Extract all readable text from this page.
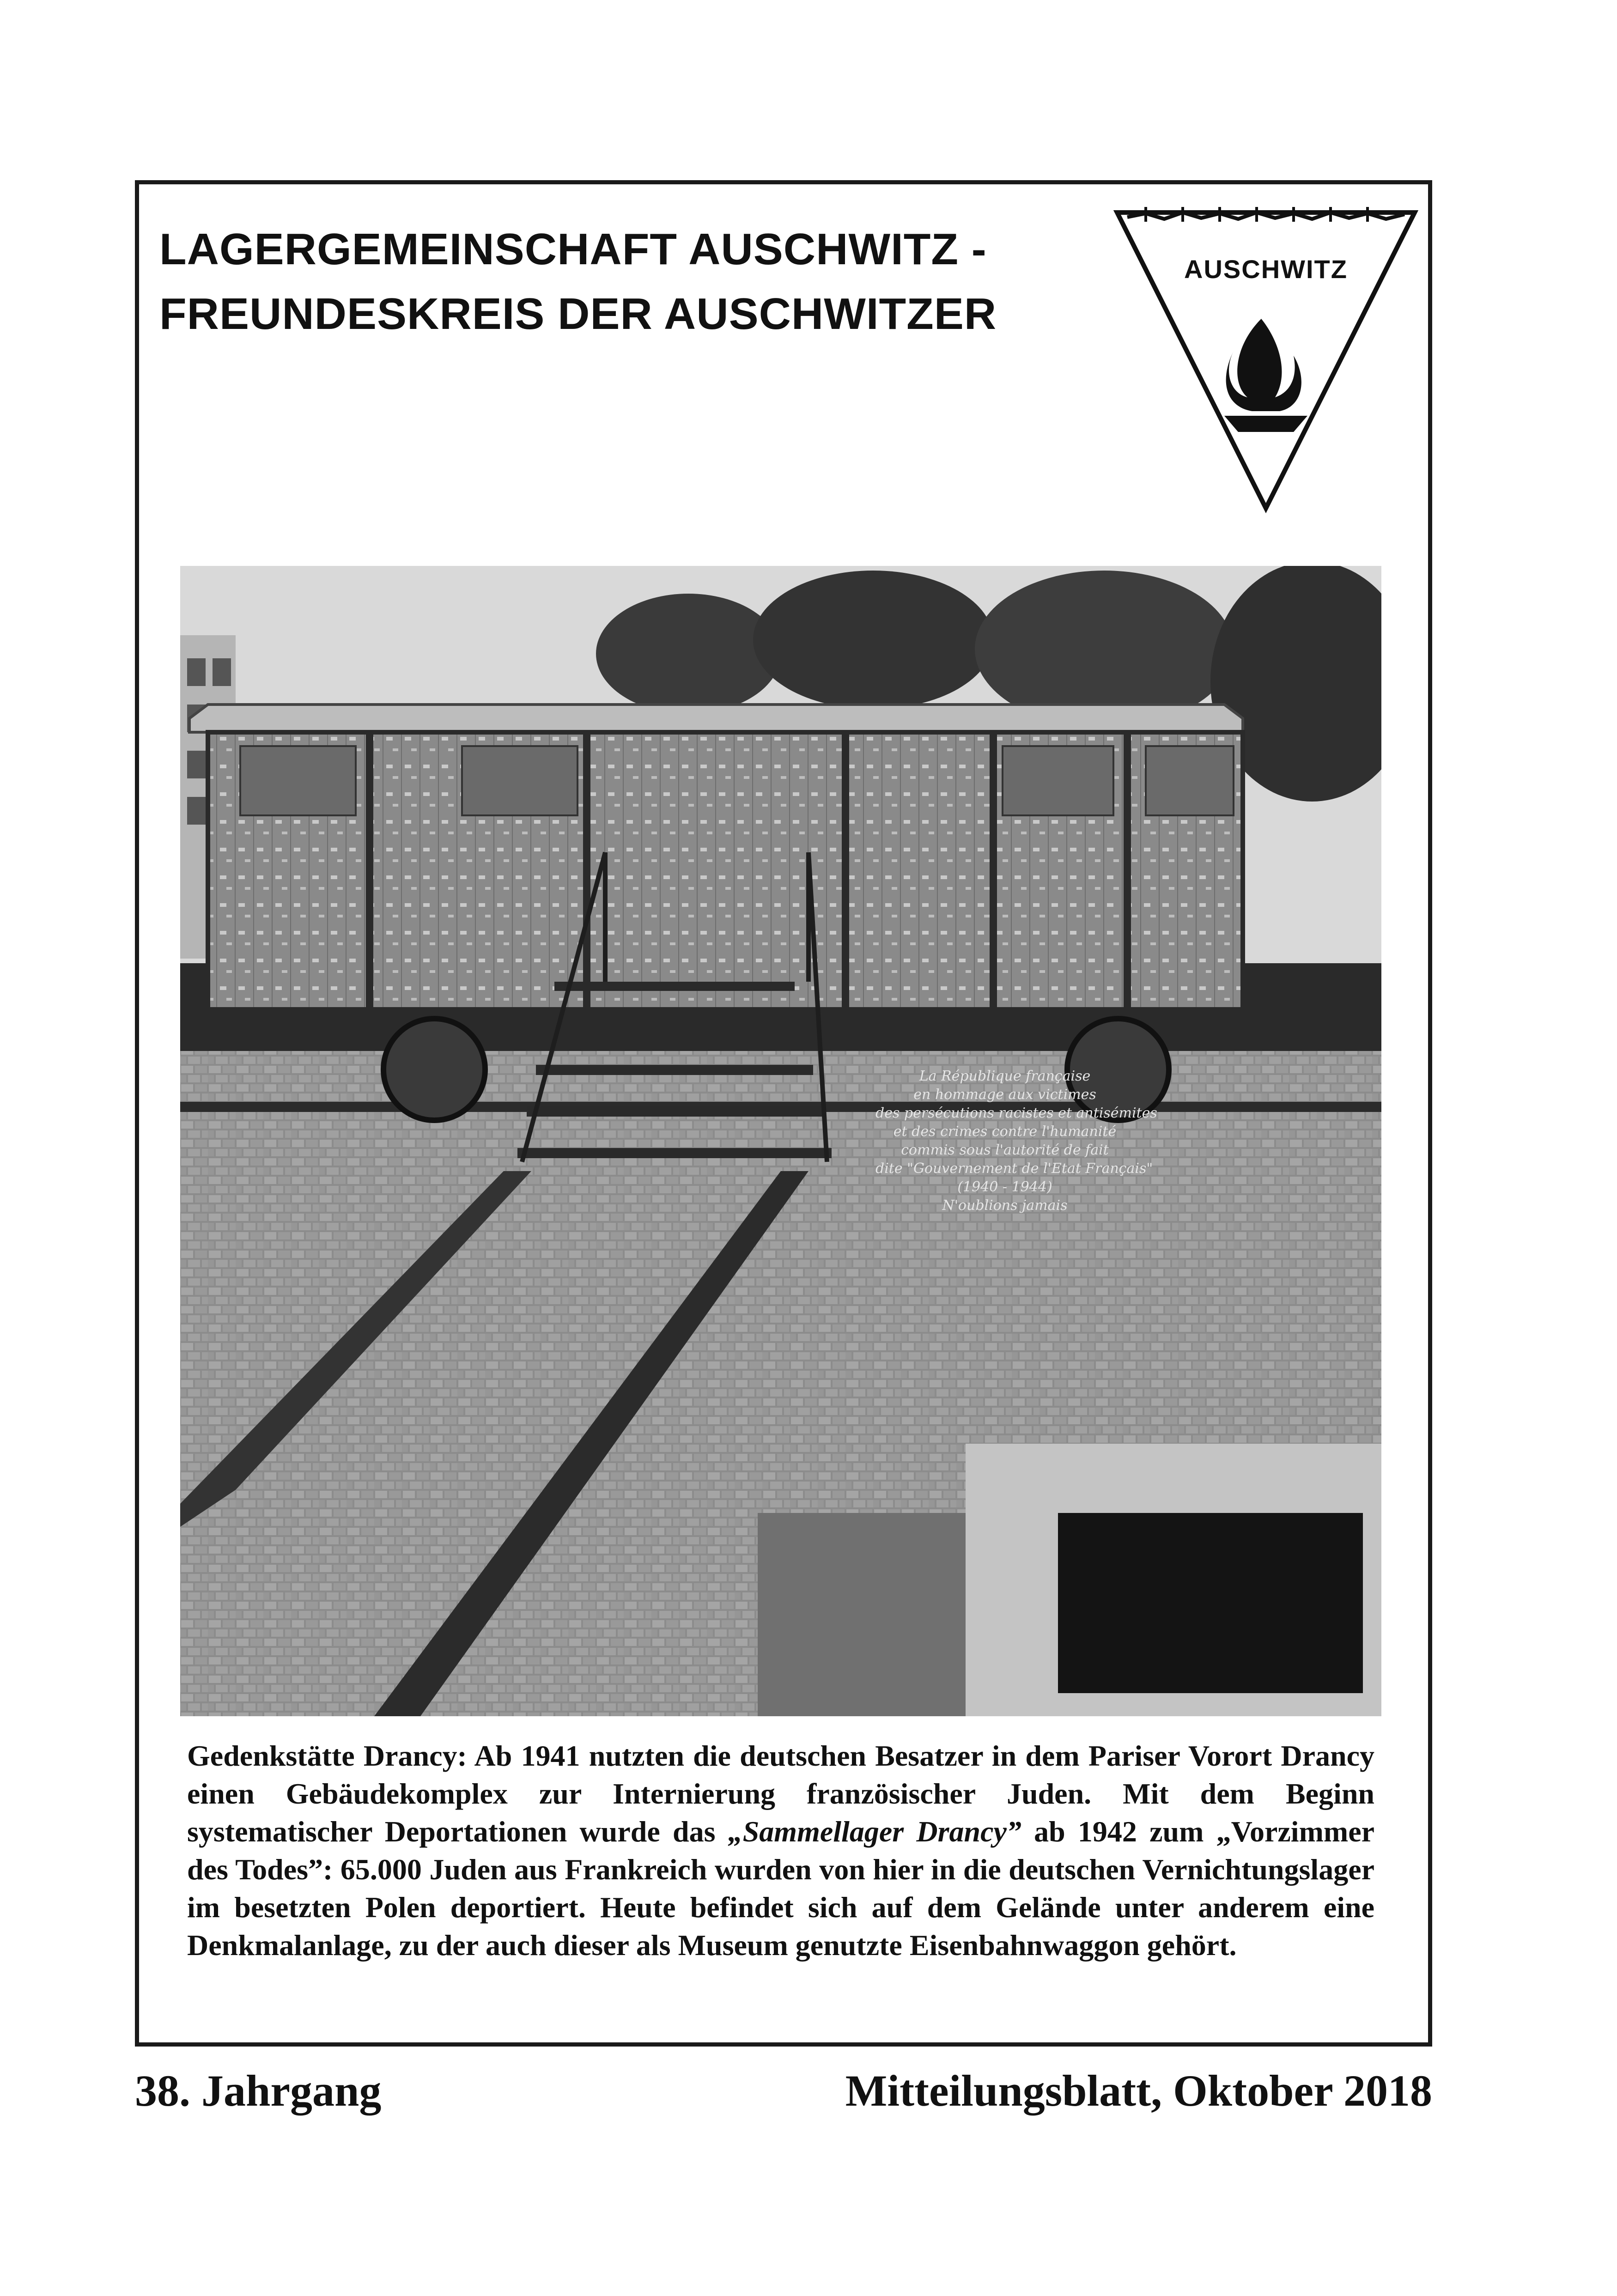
LAGERGEMEINSCHAFT AUSCHWITZ -
FREUNDESKREIS DER AUSCHWITZER
AUSCHWITZ
La République française
en hommage aux victimes
des persécutions racistes et antisémites
et des crimes contre l'humanité
commis sous l'autorité de fait
dite "Gouvernement de l'Etat Français"
(1940 - 1944)
N'oublions jamais
Gedenkstätte Drancy: Ab 1941 nutzten die deutschen Besatzer in dem Pariser Vorort Drancy einen Gebäudekomplex zur Internierung französischer Juden. Mit dem Beginn systematischer Deportationen wurde das „Sammellager Drancy” ab 1942 zum „Vorzimmer des Todes”: 65.000 Juden aus Frankreich wurden von hier in die deutschen Vernichtungslager im besetzten Polen deportiert. Heute befindet sich auf dem Gelände unter anderem eine Denkmalanlage, zu der auch dieser als Museum genutzte Eisenbahnwaggon gehört.
38. Jahrgang	Mitteilungsblatt, Oktober 2018
